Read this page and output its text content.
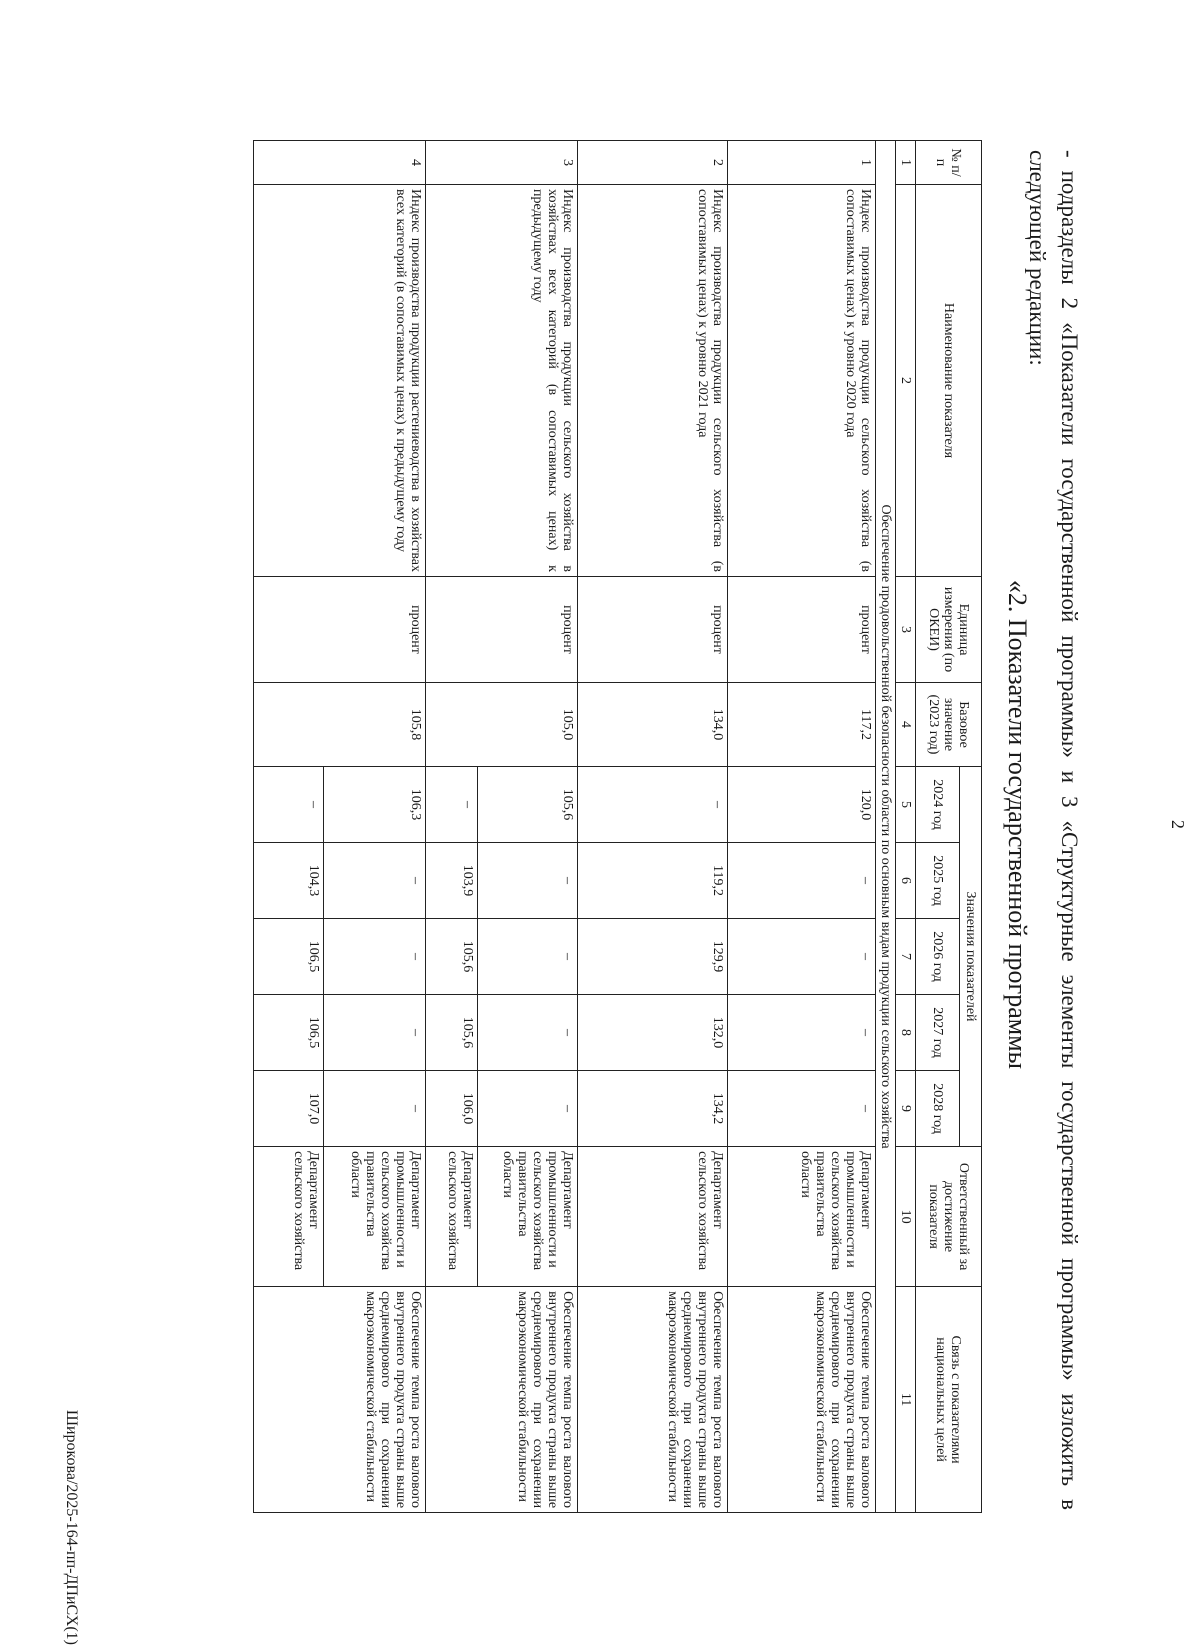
2
- подразделы 2 «Показатели государственной программы» и 3 «Структурные элементы государственной программы» изложить в следующей редакции:
«2. Показатели государственной программы
№ п/п	Наименование показателя	Единица измерения (по ОКЕИ)	Базовое значение (2023 год)	Значения показателей					Ответственный за достижение показателя	Связь с показателями национальных целей
				2024 год	2025 год	2026 год	2027 год	2028 год		
1	2	3	4	5	6	7	8	9	10	11
Обеспечение продовольственной безопасности области по основным видам продукции сельского хозяйства										
1	Индекс производства продукции сельского хозяйства (в сопоставимых ценах) к уровню 2020 года	процент	117,2	120,0	–	–	–	–	Департамент промышленности и сельского хозяйства правительства области	Обеспечение темпа роста валового внутреннего продукта страны выше среднемирового при сохранении макроэкономической стабильности
2	Индекс производства продукции сельского хозяйства (в сопоставимых ценах) к уровню 2021 года	процент	134,0	–	119,2	129,9	132,0	134,2	Департамент сельского хозяйства	Обеспечение темпа роста валового внутреннего продукта страны выше среднемирового при сохранении макроэкономической стабильности
3	Индекс производства продукции сельского хозяйства в хозяйствах всех категорий (в сопоставимых ценах) к предыдущему году	процент	105,0	105,6	–	–	–	–	Департамент промышленности и сельского хозяйства правительства области	Обеспечение темпа роста валового внутреннего продукта страны выше среднемирового при сохранении макроэкономической стабильности
				–	103,9	105,6	105,6	106,0	Департамент сельского хозяйства	
4	Индекс производства продукции растениеводства в хозяйствах всех категорий (в сопоставимых ценах) к предыдущему году	процент	105,8	106,3	–	–	–	–	Департамент промышленности и сельского хозяйства правительства области	Обеспечение темпа роста валового внутреннего продукта страны выше среднемирового при сохранении макроэкономической стабильности
				–	104,3	106,5	106,5	107,0	Департамент сельского хозяйства	
Широкова/2025-164-пп-ДПиСХ(1)
